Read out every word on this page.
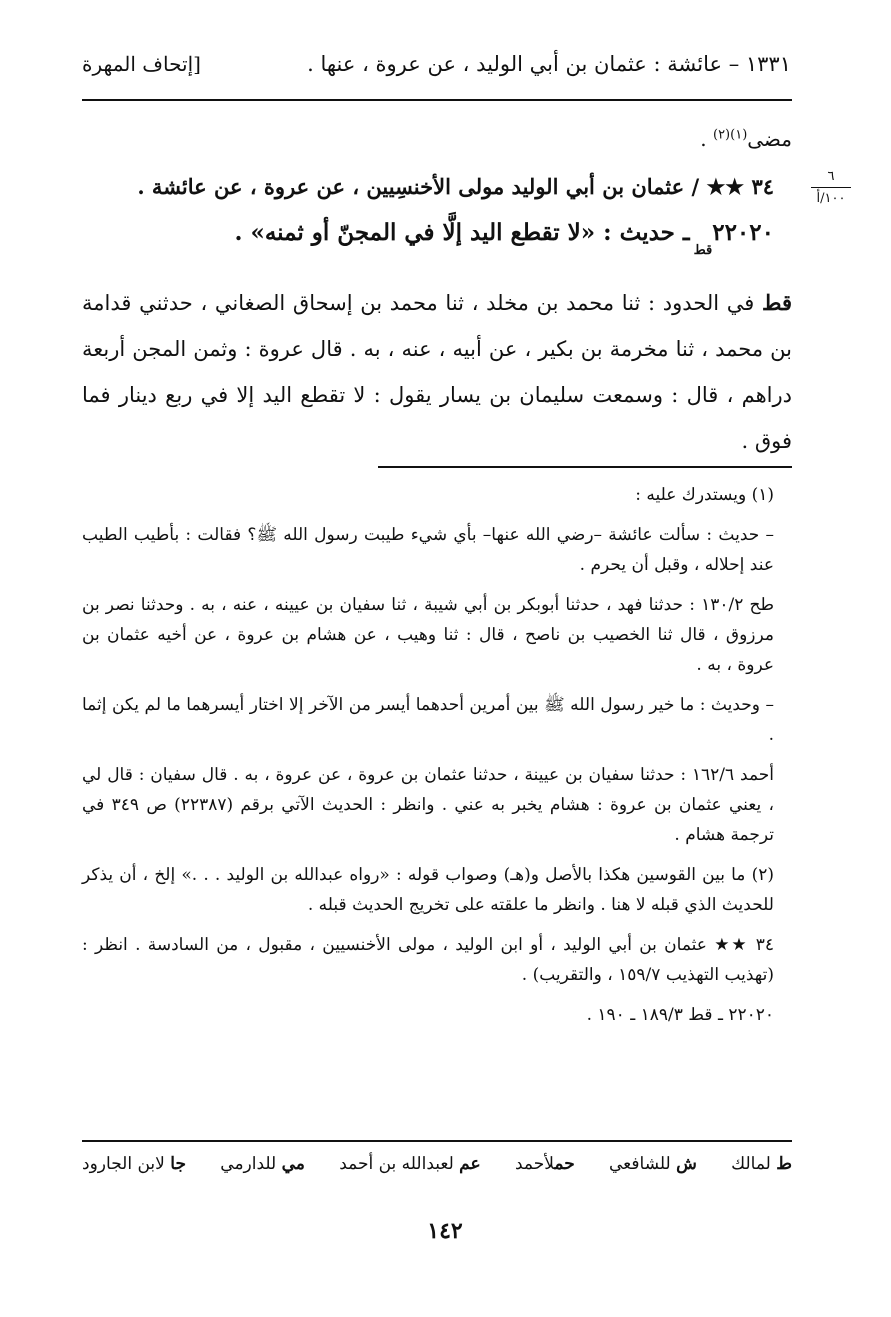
[إتحاف المهرة	١٣٣١ – عائشة : عثمان بن أبي الوليد ، عن عروة ، عنها .
٦
١٠٠/أ

مضى$^{(١)(٢)}$ .

٣٤ ★★ / عثمان بن أبي الوليد مولى الأخنسِيين ، عن عروة ، عن عائشة .

$٢٢٠٢٠_{قط}$ ـ حديث : «لا تقطع اليد إلَّا في المجنّ أو ثمنه» .

قط في الحدود : ثنا محمد بن مخلد ، ثنا محمد بن إسحاق الصغاني ، حدثني قدامة بن محمد ، ثنا مخرمة بن بكير ، عن أبيه ، عنه ، به . قال عروة : وثمن المجن أربعة دراهم ، قال : وسمعت سليمان بن يسار يقول : لا تقطع اليد إلا في ربع دينار فما فوق .

(١) ويستدرك عليه :

– حديث : سألت عائشة –رضي الله عنها– بأي شيء طيبت رسول الله ﷺ؟ فقالت : بأطيب الطيب عند إحلاله ، وقبل أن يحرم .

طح ١٣٠/٢ : حدثنا فهد ، حدثنا أبوبكر بن أبي شيبة ، ثنا سفيان بن عيينه ، عنه ، به . وحدثنا نصر بن مرزوق ، قال ثنا الخصيب بن ناصح ، قال : ثنا وهيب ، عن هشام بن عروة ، عن أخيه عثمان بن عروة ، به .

– وحديث : ما خير رسول الله ﷺ بين أمرين أحدهما أيسر من الآخر إلا اختار أيسرهما ما لم يكن إثما .

أحمد ١٦٢/٦ : حدثنا سفيان بن عيينة ، حدثنا عثمان بن عروة ، عن عروة ، به . قال سفيان : قال لي ، يعني عثمان بن عروة : هشام يخبر به عني . وانظر : الحديث الآتي برقم (٢٢٣٨٧) ص ٣٤٩ في ترجمة هشام .

(٢) ما بين القوسين هكذا بالأصل و(هـ) وصواب قوله : «رواه عبدالله بن الوليد . . .» إلخ ، أن يذكر للحديث الذي قبله لا هنا . وانظر ما علقته على تخريج الحديث قبله .

٣٤ ★★ عثمان بن أبي الوليد ، أو ابن الوليد ، مولى الأخنسيين ، مقبول ، من السادسة . انظر : (تهذيب التهذيب ١٥٩/٧ ، والتقريب) .

٢٢٠٢٠ ـ قط ١٨٩/٣ ـ ١٩٠ .

ط لمالك
ش للشافعي
حملأحمد
عم لعبدالله بن أحمد
مي للدارمي
جا لابن الجارود
١٤٢
